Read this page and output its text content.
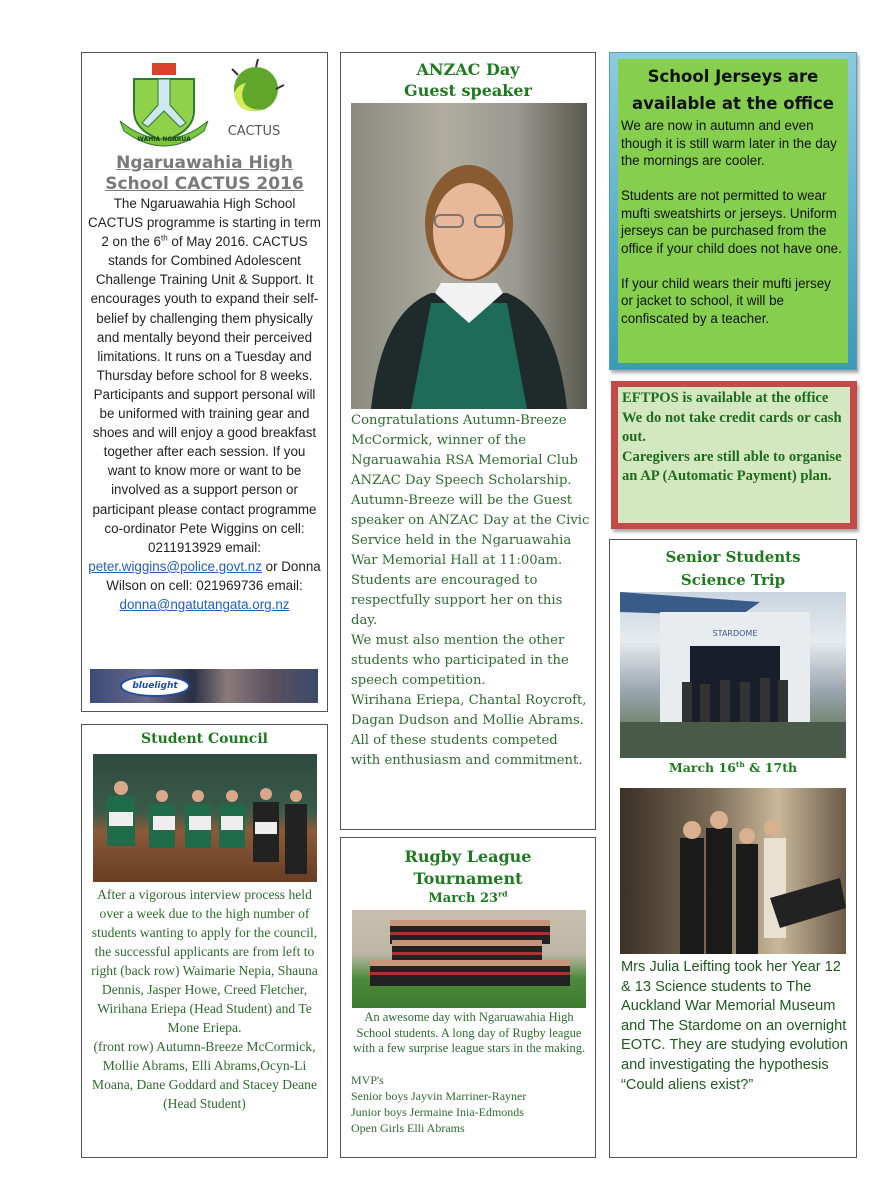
WAHIA NGARUA
CACTUS
Ngaruawahia High
School CACTUS 2016
The Ngaruawahia High School CACTUS programme is starting in term 2 on the 6th of May 2016. CACTUS stands for Combined Adolescent Challenge Training Unit & Support. It encourages youth to expand their self-belief by challenging them physically and mentally beyond their perceived limitations. It runs on a Tuesday and Thursday before school for 8 weeks. Participants and support personal will be uniformed with training gear and shoes and will enjoy a good breakfast together after each session. If you want to know more or want to be involved as a support person or participant please contact programme co-ordinator Pete Wiggins on cell: 0211913929 email:
peter.wiggins@police.govt.nz or Donna Wilson on cell: 021969736 email:
donna@ngatutangata.org.nz
bluelight
Student Council
After a vigorous interview process held over a week due to the high number of students wanting to apply for the council, the successful applicants are from left to right (back row) Waimarie Nepia, Shauna Dennis, Jasper Howe, Creed Fletcher, Wirihana Eriepa (Head Student) and Te Mone Eriepa.
(front row) Autumn-Breeze McCormick, Mollie Abrams, Elli Abrams,Ocyn-Li Moana, Dane Goddard and Stacey Deane (Head Student)
ANZAC Day
Guest speaker
Congratulations Autumn-Breeze McCormick, winner of the Ngaruawahia RSA Memorial Club ANZAC Day Speech Scholarship.
Autumn-Breeze will be the Guest speaker on ANZAC Day at the Civic Service held in the Ngaruawahia War Memorial Hall at 11:00am. Students are encouraged to respectfully support her on this day.
We must also mention the other students who participated in the speech competition.
Wirihana Eriepa, Chantal Roycroft, Dagan Dudson and Mollie Abrams.
All of these students competed with enthusiasm and commitment.
Rugby League
Tournament
March 23rd
An awesome day with Ngaruawahia High School students. A long day of Rugby league with a few surprise league stars in the making.
MVP's
Senior boys Jayvin Marriner-Rayner
Junior boys Jermaine Inia-Edmonds
Open Girls Elli Abrams
School Jerseys are
available at the office

We are now in autumn and even though it is still warm later in the day the mornings are cooler.

Students are not permitted to wear mufti sweatshirts or jerseys. Uniform jerseys can be purchased from the office if your child does not have one.

If your child wears their mufti jersey or jacket to school, it will be confiscated by a teacher.

EFTPOS is available at the office
We do not take credit cards or cash out.
Caregivers are still able to organise an AP (Automatic Payment) plan.
Senior Students
Science Trip
STARDOME
March 16th & 17th
Mrs Julia Leifting took her Year 12 & 13 Science students to The Auckland War Memorial Museum and The Stardome on an overnight EOTC. They are studying evolution and investigating the hypothesis “Could aliens exist?”
